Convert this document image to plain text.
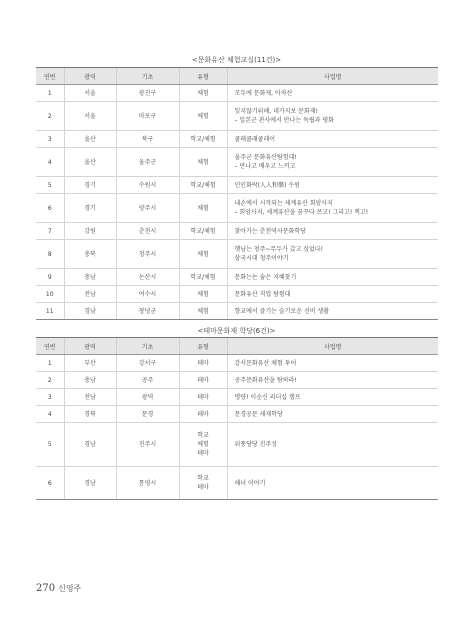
<문화유산 체험교실(11건)>
연번	광역	기초	유형	사업명
1	서울	광진구	체험	모두에 문화재, 아차산

2	서울	마포구	체험	잊지않기위해, 네가지보 문화재!
– 일본군 관사에서 만나는 독립과 평화

3	울산	북구	학교/체험	쿨래쿨래쿨래이

4	울산	울주군	체험	울주군 문화유산탐험대!
– 만나고 배우고 느끼고

5	경기	수원시	학교/체험	인인화락(人人和樂) 수원

6	경기	양주시	체험	내손에서 시작되는 세계유산 회암사지
– 회암사지, 세계유산을 꿈꾸다 쓰고! 그리고! 찍고!

7	강원	춘천시	학교/체험	찾아가는 춘천역사문화학당

8	충북	청주시	체험	햇님는 청주~무두가 갔고 싶었다!
삼국시대 청주이야기

9	충남	논산시	학교/체험	문화는논 숨은 지혜찾기

10	전남	여수시	체험	문화유산 직업 탐험대

11	경남	창녕군	체험	향교에서 즐기는 슬기로운 선비 생활
<테마문화재 학당(6건)>
연번	광역	기초	유형	사업명
1	부산	강서구	테마	강서문화유산 체험 투어

2	충남	공주	테마	공주문화유산을 탐하라!

3	전남	광역	테마	명량! 이순신 리더십 캠프

4	경북	문경	테마	문경공문 새재학당

5	경남	진주시	학교
체험
테마	위풍당당 진주성

6	경남	통영시	학교
테마	해녀 이야기
270 신영주
